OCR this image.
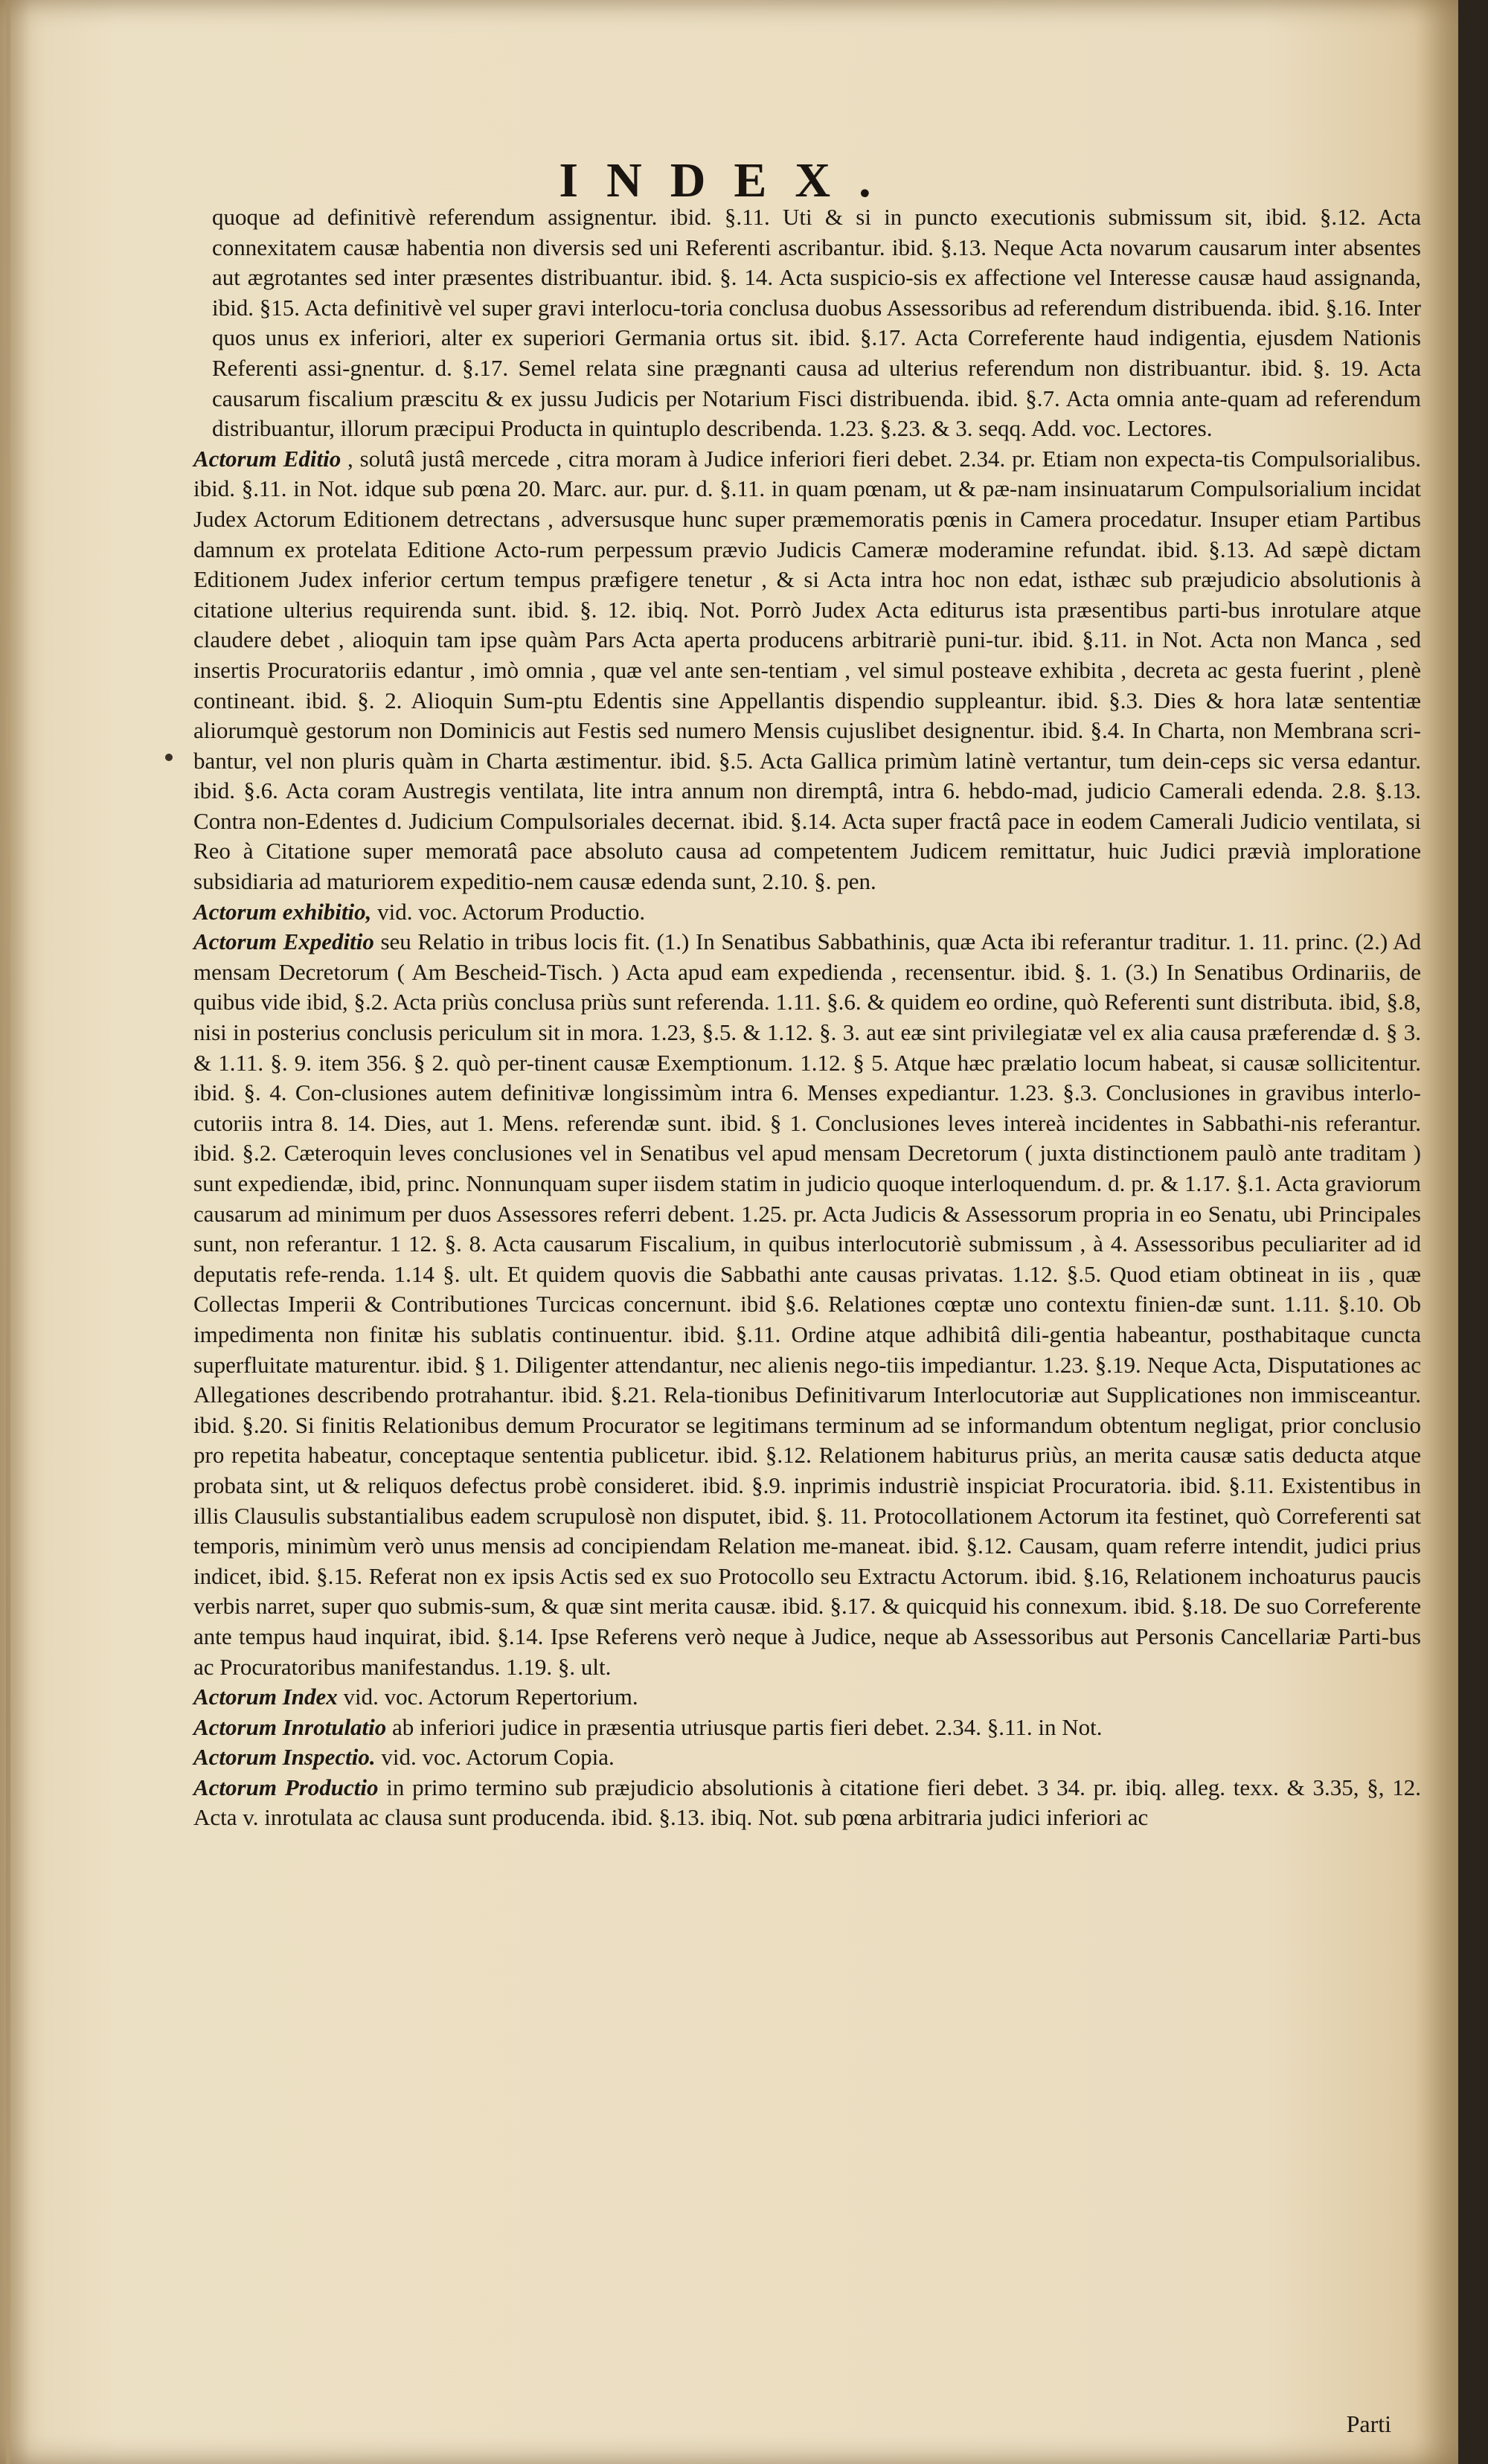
INDEX.

quoque ad definitivè referendum assignentur. ibid. §.11. Uti & si in puncto executionis submissum sit, ibid. §.12. Acta connexitatem causæ habentia non diversis sed uni Referenti ascribantur. ibid. §.13. Neque Acta novarum causarum inter absentes aut ægrotantes sed inter præsentes distribuantur. ibid. §. 14. Acta suspicio-sis ex affectione vel Interesse causæ haud assignanda, ibid. §15. Acta definitivè vel super gravi interlocu-toria conclusa duobus Assessoribus ad referendum distribuenda. ibid. §.16. Inter quos unus ex inferiori, alter ex superiori Germania ortus sit. ibid. §.17. Acta Correferente haud indigentia, ejusdem Nationis Referenti assi-gnentur. d. §.17. Semel relata sine prægnanti causa ad ulterius referendum non distribuantur. ibid. §. 19. Acta causarum fiscalium præscitu & ex jussu Judicis per Notarium Fisci distribuenda. ibid. §.7. Acta omnia ante-quam ad referendum distribuantur, illorum præcipui Producta in quintuplo describenda. 1.23. §.23. & 3. seqq. Add. voc. Lectores.

Actorum Editio , solutâ justâ mercede , citra moram à Judice inferiori fieri debet. 2.34. pr. Etiam non expecta-tis Compulsorialibus. ibid. §.11. in Not. idque sub pœna 20. Marc. aur. pur. d. §.11. in quam pœnam, ut & pæ-nam insinuatarum Compulsorialium incidat Judex Actorum Editionem detrectans , adversusque hunc super præmemoratis pœnis in Camera procedatur. Insuper etiam Partibus damnum ex protelata Editione Acto-rum perpessum prævio Judicis Cameræ moderamine refundat. ibid. §.13. Ad sæpè dictam Editionem Judex inferior certum tempus præfigere tenetur , & si Acta intra hoc non edat, isthæc sub præjudicio absolutionis à citatione ulterius requirenda sunt. ibid. §. 12. ibiq. Not. Porrò Judex Acta editurus ista præsentibus parti-bus inrotulare atque claudere debet , alioquin tam ipse quàm Pars Acta aperta producens arbitrariè puni-tur. ibid. §.11. in Not. Acta non Manca , sed insertis Procuratoriis edantur , imò omnia , quæ vel ante sen-tentiam , vel simul posteave exhibita , decreta ac gesta fuerint , plenè contineant. ibid. §. 2. Alioquin Sum-ptu Edentis sine Appellantis dispendio suppleantur. ibid. §.3. Dies & hora latæ sententiæ aliorumquè gestorum non Dominicis aut Festis sed numero Mensis cujuslibet designentur. ibid. §.4. In Charta, non Membrana scri-bantur, vel non pluris quàm in Charta æstimentur. ibid. §.5. Acta Gallica primùm latinè vertantur, tum dein-ceps sic versa edantur. ibid. §.6. Acta coram Austregis ventilata, lite intra annum non diremptâ, intra 6. hebdo-mad, judicio Camerali edenda. 2.8. §.13. Contra non-Edentes d. Judicium Compulsoriales decernat. ibid. §.14. Acta super fractâ pace in eodem Camerali Judicio ventilata, si Reo à Citatione super memoratâ pace absoluto causa ad competentem Judicem remittatur, huic Judici prævià imploratione subsidiaria ad maturiorem expeditio-nem causæ edenda sunt, 2.10. §. pen.

Actorum exhibitio, vid. voc. Actorum Productio.

Actorum Expeditio seu Relatio in tribus locis fit. (1.) In Senatibus Sabbathinis, quæ Acta ibi referantur traditur. 1. 11. princ. (2.) Ad mensam Decretorum ( Am Bescheid-Tisch. ) Acta apud eam expedienda , recensentur. ibid. §. 1. (3.) In Senatibus Ordinariis, de quibus vide ibid, §.2. Acta priùs conclusa priùs sunt referenda. 1.11. §.6. & quidem eo ordine, quò Referenti sunt distributa. ibid, §.8, nisi in posterius conclusis periculum sit in mora. 1.23, §.5. & 1.12. §. 3. aut eæ sint privilegiatæ vel ex alia causa præferendæ d. § 3. & 1.11. §. 9. item 356. § 2. quò per-tinent causæ Exemptionum. 1.12. § 5. Atque hæc prælatio locum habeat, si causæ sollicitentur. ibid. §. 4. Con-clusiones autem definitivæ longissimùm intra 6. Menses expediantur. 1.23. §.3. Conclusiones in gravibus interlo-cutoriis intra 8. 14. Dies, aut 1. Mens. referendæ sunt. ibid. § 1. Conclusiones leves intereà incidentes in Sabbathi-nis referantur. ibid. §.2. Cæteroquin leves conclusiones vel in Senatibus vel apud mensam Decretorum ( juxta distinctionem paulò ante traditam ) sunt expediendæ, ibid, princ. Nonnunquam super iisdem statim in judicio quoque interloquendum. d. pr. & 1.17. §.1. Acta graviorum causarum ad minimum per duos Assessores referri debent. 1.25. pr. Acta Judicis & Assessorum propria in eo Senatu, ubi Principales sunt, non referantur. 1 12. §. 8. Acta causarum Fiscalium, in quibus interlocutoriè submissum , à 4. Assessoribus peculiariter ad id deputatis refe-renda. 1.14 §. ult. Et quidem quovis die Sabbathi ante causas privatas. 1.12. §.5. Quod etiam obtineat in iis , quæ Collectas Imperii & Contributiones Turcicas concernunt. ibid §.6. Relationes cœptæ uno contextu finien-dæ sunt. 1.11. §.10. Ob impedimenta non finitæ his sublatis continuentur. ibid. §.11. Ordine atque adhibitâ dili-gentia habeantur, posthabitaque cuncta superfluitate maturentur. ibid. § 1. Diligenter attendantur, nec alienis nego-tiis impediantur. 1.23. §.19. Neque Acta, Disputationes ac Allegationes describendo protrahantur. ibid. §.21. Rela-tionibus Definitivarum Interlocutoriæ aut Supplicationes non immisceantur. ibid. §.20. Si finitis Relationibus demum Procurator se legitimans terminum ad se informandum obtentum negligat, prior conclusio pro repetita habeatur, conceptaque sententia publicetur. ibid. §.12. Relationem habiturus priùs, an merita causæ satis deducta atque probata sint, ut & reliquos defectus probè consideret. ibid. §.9. inprimis industriè inspiciat Procuratoria. ibid. §.11. Existentibus in illis Clausulis substantialibus eadem scrupulosè non disputet, ibid. §. 11. Protocollationem Actorum ita festinet, quò Correferenti sat temporis, minimùm verò unus mensis ad concipiendam Relation me-maneat. ibid. §.12. Causam, quam referre intendit, judici prius indicet, ibid. §.15. Referat non ex ipsis Actis sed ex suo Protocollo seu Extractu Actorum. ibid. §.16, Relationem inchoaturus paucis verbis narret, super quo submis-sum, & quæ sint merita causæ. ibid. §.17. & quicquid his connexum. ibid. §.18. De suo Correferente ante tempus haud inquirat, ibid. §.14. Ipse Referens verò neque à Judice, neque ab Assessoribus aut Personis Cancellariæ Parti-bus ac Procuratoribus manifestandus. 1.19. §. ult.

Actorum Index vid. voc. Actorum Repertorium.

Actorum Inrotulatio ab inferiori judice in præsentia utriusque partis fieri debet. 2.34. §.11. in Not.

Actorum Inspectio. vid. voc. Actorum Copia.

Actorum Productio in primo termino sub præjudicio absolutionis à citatione fieri debet. 3 34. pr. ibiq. alleg. texx. & 3.35, §, 12. Acta v. inrotulata ac clausa sunt producenda. ibid. §.13. ibiq. Not. sub pœna arbitraria judici inferiori ac

Parti
